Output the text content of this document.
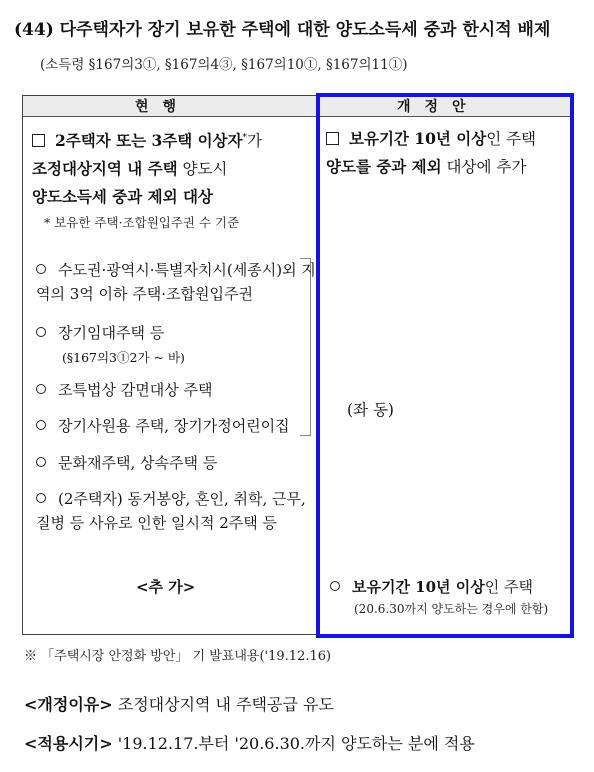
(44) 다주택자가 장기 보유한 주택에 대한 양도소득세 중과 한시적 배제
(소득령 §167의3①, §167의4③, §167의10①, §167의11①)
현행	개정안
2주택자 또는 3주택 이상자*가
조정대상지역 내 주택 양도시
양도소득세 중과 제외 대상
* 보유한 주택·조합원입주권 수 기준
수도권·광역시·특별자치시(세종시)외 지역의 3억 이하 주택·조합원입주권
장기임대주택 등
(§167의3①2가 ~ 바)
조특법상 감면대상 주택
장기사원용 주택, 장기가정어린이집
문화재주택, 상속주택 등
(2주택자) 동거봉양, 혼인, 취학, 근무, 질병 등 사유로 인한 일시적 2주택 등
<추 가>
보유기간 10년 이상인 주택
양도를 중과 제외 대상에 추가
(좌 동)
보유기간 10년 이상인 주택
(20.6.30까지 양도하는 경우에 한함)
※ 「주택시장 안정화 방안」 기 발표내용('19.12.16)
<개정이유> 조정대상지역 내 주택공급 유도
<적용시기> '19.12.17.부터 '20.6.30.까지 양도하는 분에 적용
